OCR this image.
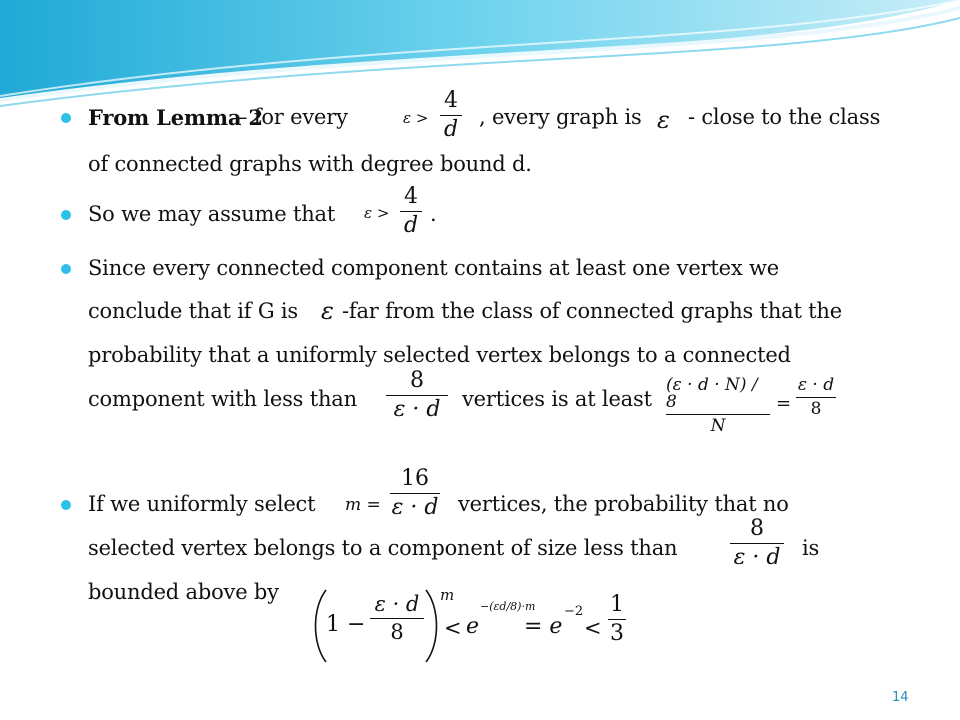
From Lemma 2
– for every	ε >
4
d
, every graph is ε - close to the class
of connected graphs with degree bound d.
So we may assume that ε >
4
d .
Since every connected component contains at least one vertex we
conclude that if G is ε -far from the class of connected graphs that the
probability that a uniformly selected vertex belongs to a connected
component with less than
8
ε · d vertices is at least
(ε · d · N) / 8
N
=
ε · d
8
If we uniformly select m =
16
ε · d vertices, the probability that no
selected vertex belongs to a component of size less than
8
ε · d is
bounded above by
1 −
ε · d
8
m
< e
−(εd/8)·m
= e
−2
<
1
3
14
